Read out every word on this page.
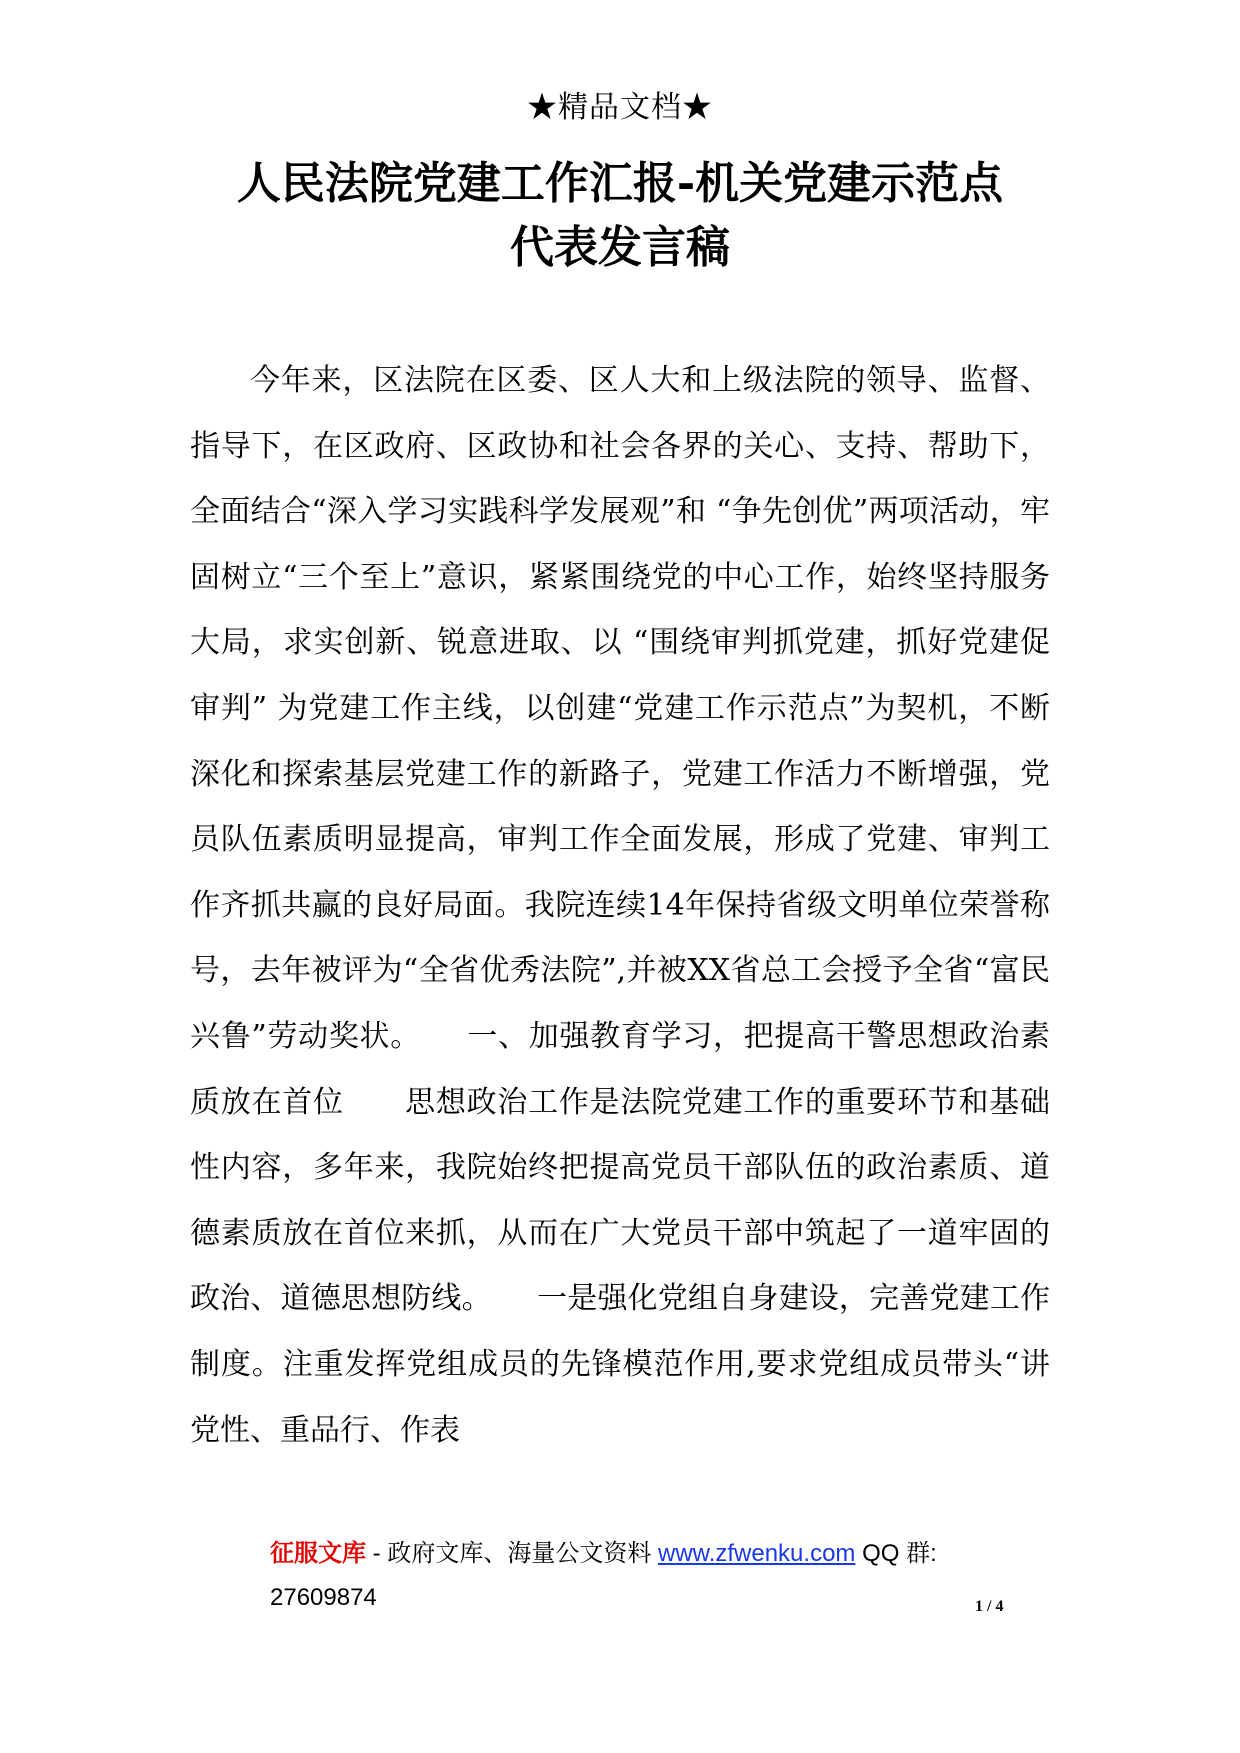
★精品文档★
人民法院党建工作汇报-机关党建示范点
代表发言稿

今年来，区法院在区委、区人大和上级法院的领导、监督、指导下，在区政府、区政协和社会各界的关心、支持、帮助下，全面结合“深入学习实践科学发展观”和 “争先创优”两项活动，牢固树立“三个至上”意识，紧紧围绕党的中心工作，始终坚持服务大局，求实创新、锐意进取、以 “围绕审判抓党建，抓好党建促审判” 为党建工作主线，以创建“党建工作示范点”为契机，不断深化和探索基层党建工作的新路子，党建工作活力不断增强，党员队伍素质明显提高，审判工作全面发展，形成了党建、审判工作齐抓共赢的良好局面。我院连续14年保持省级文明单位荣誉称号，去年被评为“全省优秀法院”,并被XX省总工会授予全省“富民兴鲁”劳动奖状。　　一、加强教育学习，把提高干警思想政治素质放在首位　　思想政治工作是法院党建工作的重要环节和基础性内容，多年来，我院始终把提高党员干部队伍的政治素质、道德素质放在首位来抓，从而在广大党员干部中筑起了一道牢固的政治、道德思想防线。　　一是强化党组自身建设，完善党建工作制度。注重发挥党组成员的先锋模范作用,要求党组成员带头“讲党性、重品行、作表

征服文库 - 政府文库、海量公文资料 www.zfwenku.com QQ 群:
27609874	1 / 4
